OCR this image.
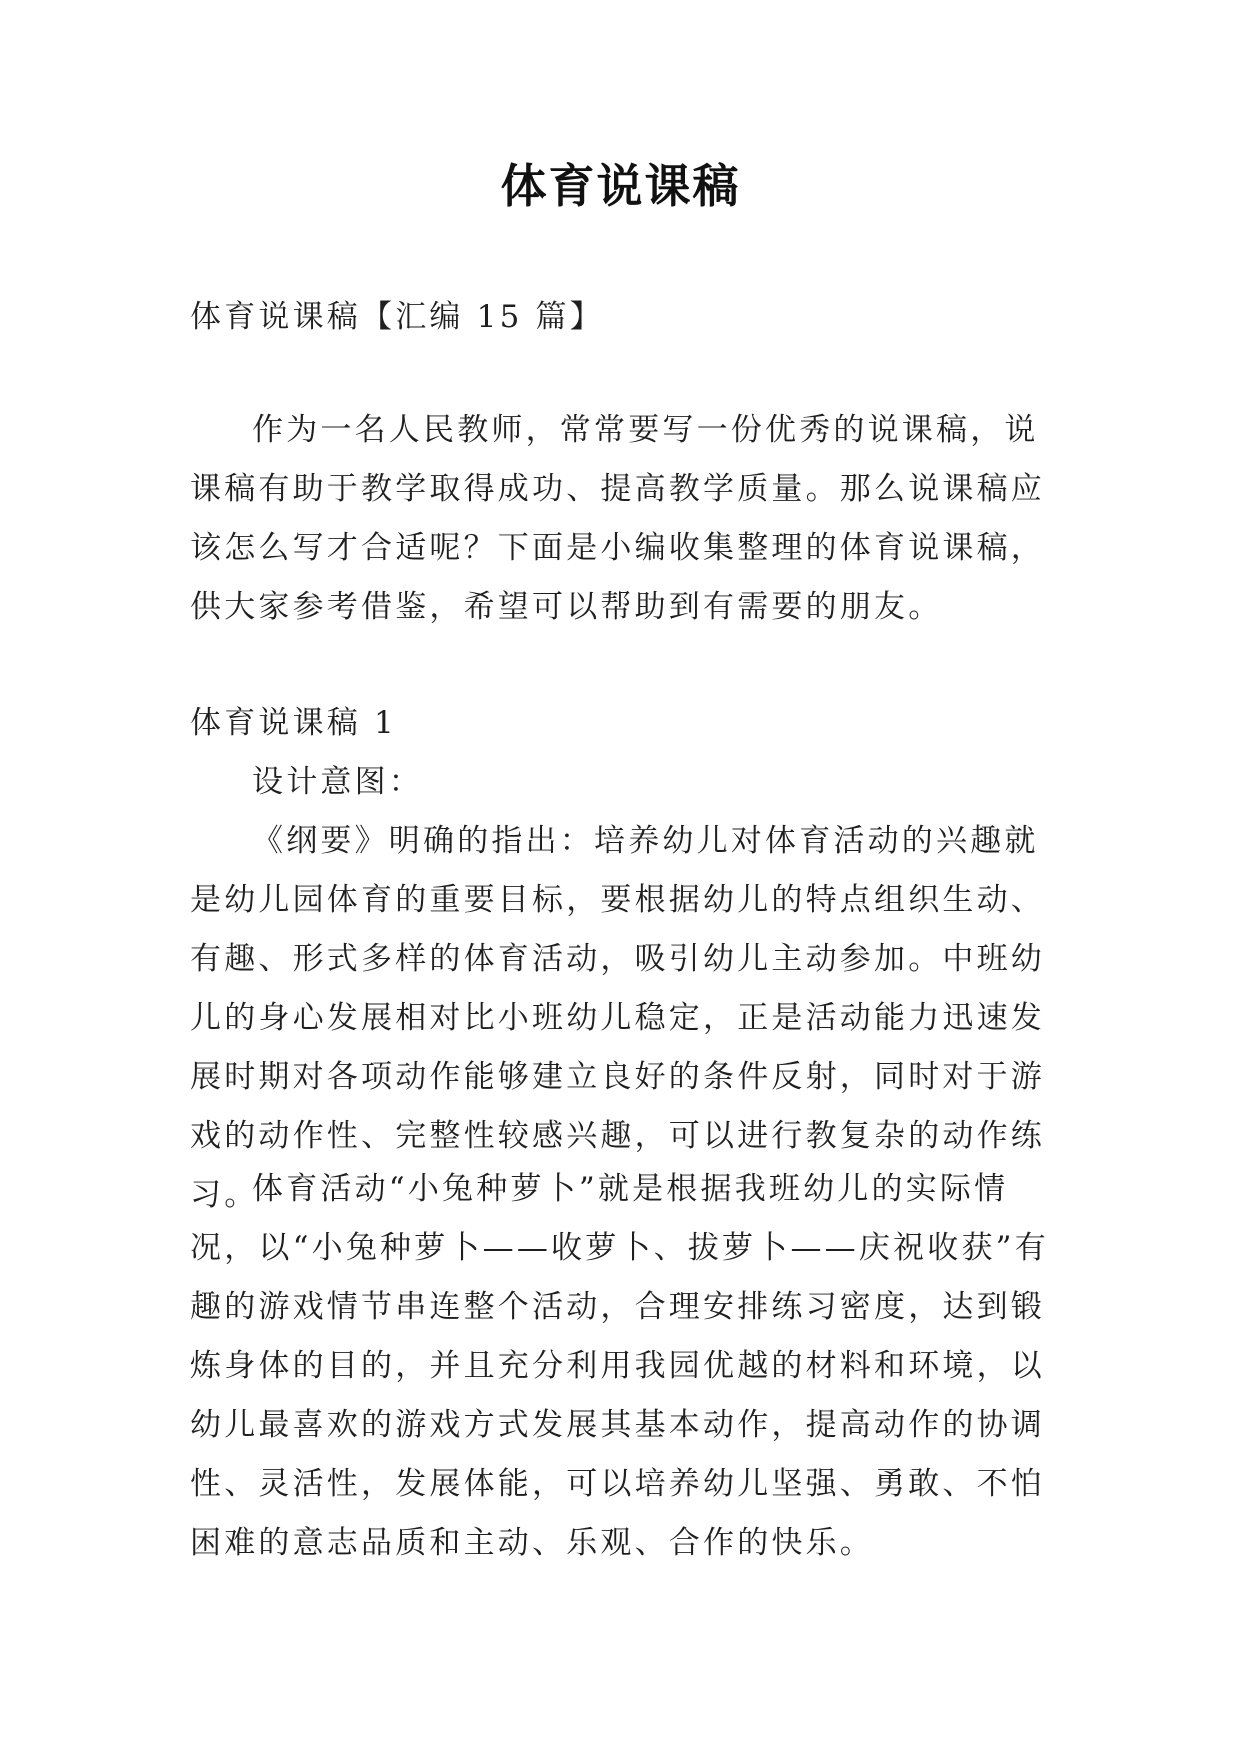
体育说课稿
体育说课稿【汇编 15 篇】

作为一名人民教师，常常要写一份优秀的说课稿，说课稿有助于教学取得成功、提高教学质量。那么说课稿应该怎么写才合适呢？下面是小编收集整理的体育说课稿，供大家参考借鉴，希望可以帮助到有需要的朋友。

体育说课稿 1

设计意图：

《纲要》明确的指出：培养幼儿对体育活动的兴趣就是幼儿园体育的重要目标，要根据幼儿的特点组织生动、有趣、形式多样的体育活动，吸引幼儿主动参加。中班幼儿的身心发展相对比小班幼儿稳定，正是活动能力迅速发展时期对各项动作能够建立良好的条件反射，同时对于游戏的动作性、完整性较感兴趣，可以进行教复杂的动作练习。

体育活动“小兔种萝卜”就是根据我班幼儿的实际情况，以“小兔种萝卜——收萝卜、拔萝卜——庆祝收获”有趣的游戏情节串连整个活动，合理安排练习密度，达到锻炼身体的目的，并且充分利用我园优越的材料和环境，以幼儿最喜欢的游戏方式发展其基本动作，提高动作的协调性、灵活性，发展体能，可以培养幼儿坚强、勇敢、不怕困难的意志品质和主动、乐观、合作的快乐。
